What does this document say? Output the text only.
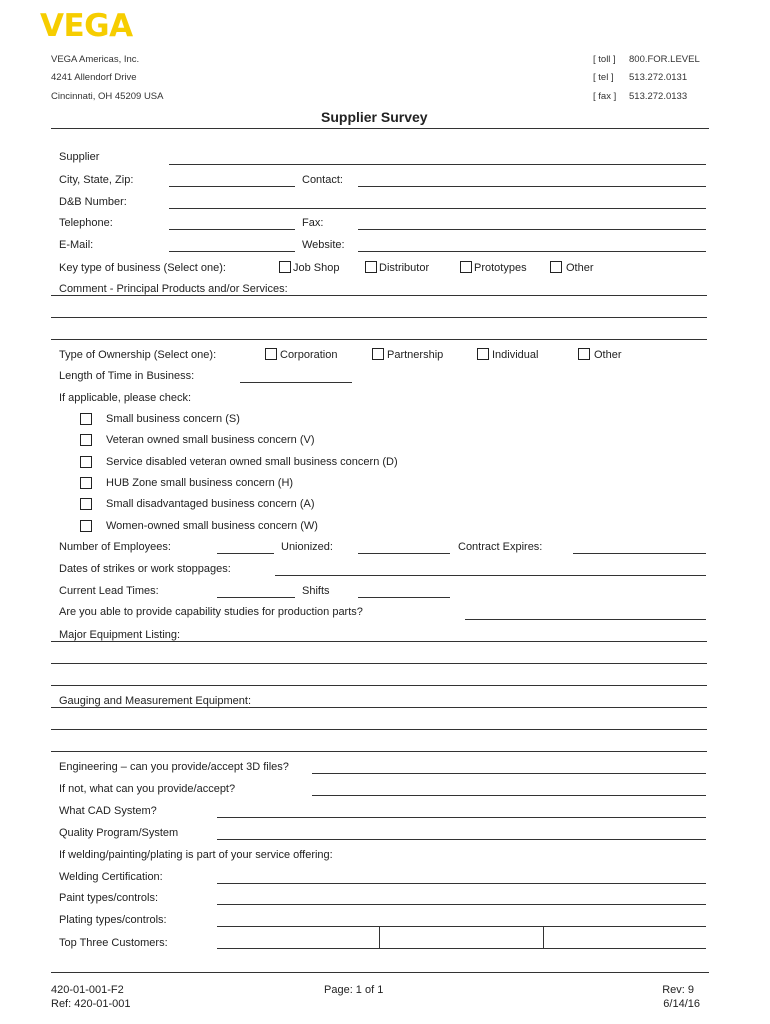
VEGA
VEGA Americas, Inc.
4241 Allendorf Drive
Cincinnati, OH 45209 USA
[ toll ] 800.FOR.LEVEL
[ tel ] 513.272.0131
[ fax ] 513.272.0133
Supplier Survey
Supplier
City, State, Zip:	Contact:
D&B Number:
Telephone:	Fax:
E-Mail:	Website:
Key type of business (Select one):	Job Shop	Distributor	Prototypes	Other
Comment - Principal Products and/or Services:
Type of Ownership (Select one):	Corporation	Partnership	Individual	Other
Length of Time in Business:
If applicable, please check:
Small business concern (S)
Veteran owned small business concern (V)
Service disabled veteran owned small business concern (D)
HUB Zone small business concern (H)
Small disadvantaged business concern (A)
Women-owned small business concern (W)
Number of Employees:	Unionized:	Contract Expires:
Dates of strikes or work stoppages:
Current Lead Times:	Shifts
Are you able to provide capability studies for production parts?
Major Equipment Listing:
Gauging and Measurement Equipment:
Engineering – can you provide/accept 3D files?
If not, what can you provide/accept?
What CAD System?
Quality Program/System
If welding/painting/plating is part of your service offering:
Welding Certification:
Paint types/controls:
Plating types/controls:
Top Three Customers:
420-01-001-F2
Ref: 420-01-001
Page: 1 of 1	Rev: 9
6/14/16
